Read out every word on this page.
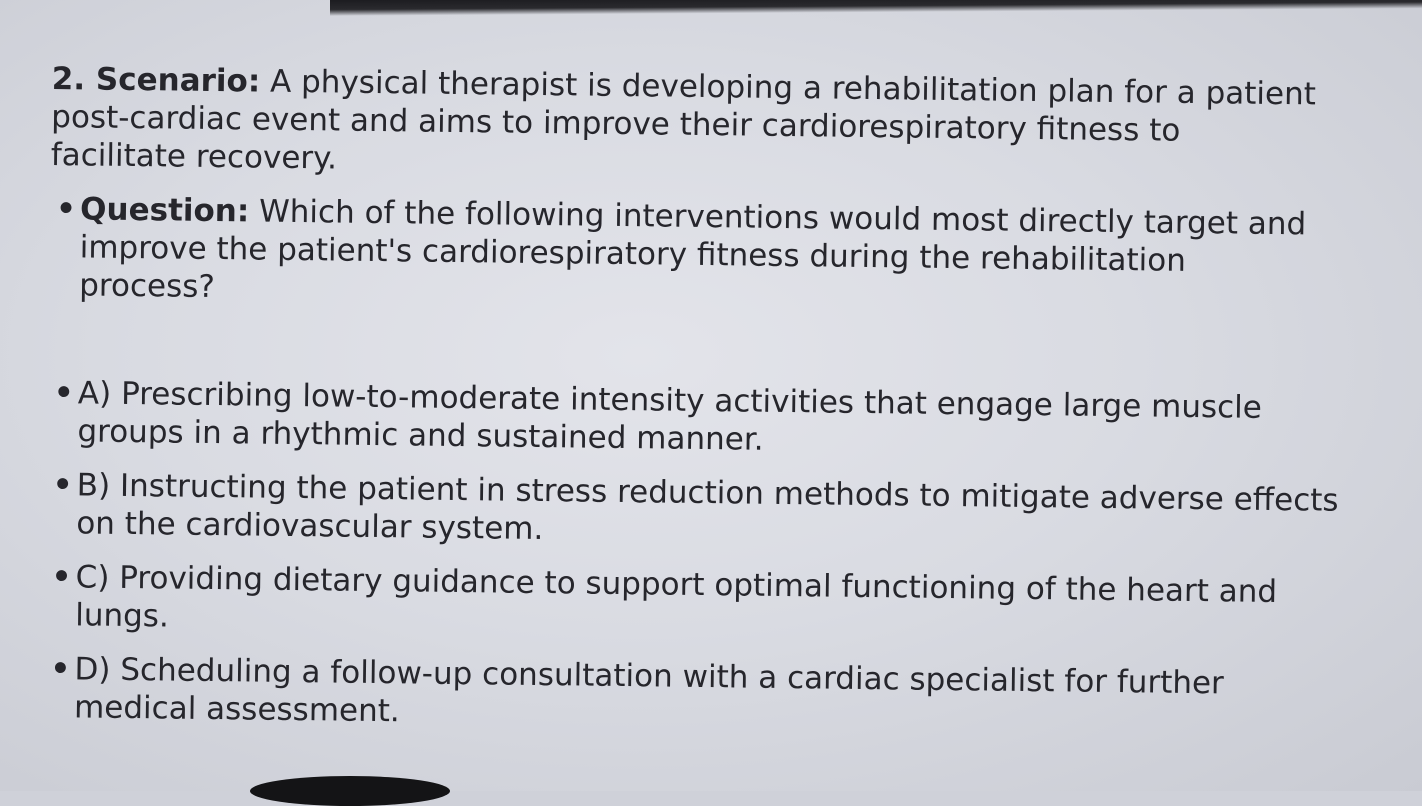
2. Scenario: A physical therapist is developing a rehabilitation plan for a patient post-cardiac event and aims to improve their cardiorespiratory fitness to facilitate recovery.

• Question: Which of the following interventions would most directly target and improve the patient's cardiorespiratory fitness during the rehabilitation process?
• A) Prescribing low-to-moderate intensity activities that engage large muscle groups in a rhythmic and sustained manner.
• B) Instructing the patient in stress reduction methods to mitigate adverse effects on the cardiovascular system.
• C) Providing dietary guidance to support optimal functioning of the heart and lungs.
• D) Scheduling a follow-up consultation with a cardiac specialist for further medical assessment.
